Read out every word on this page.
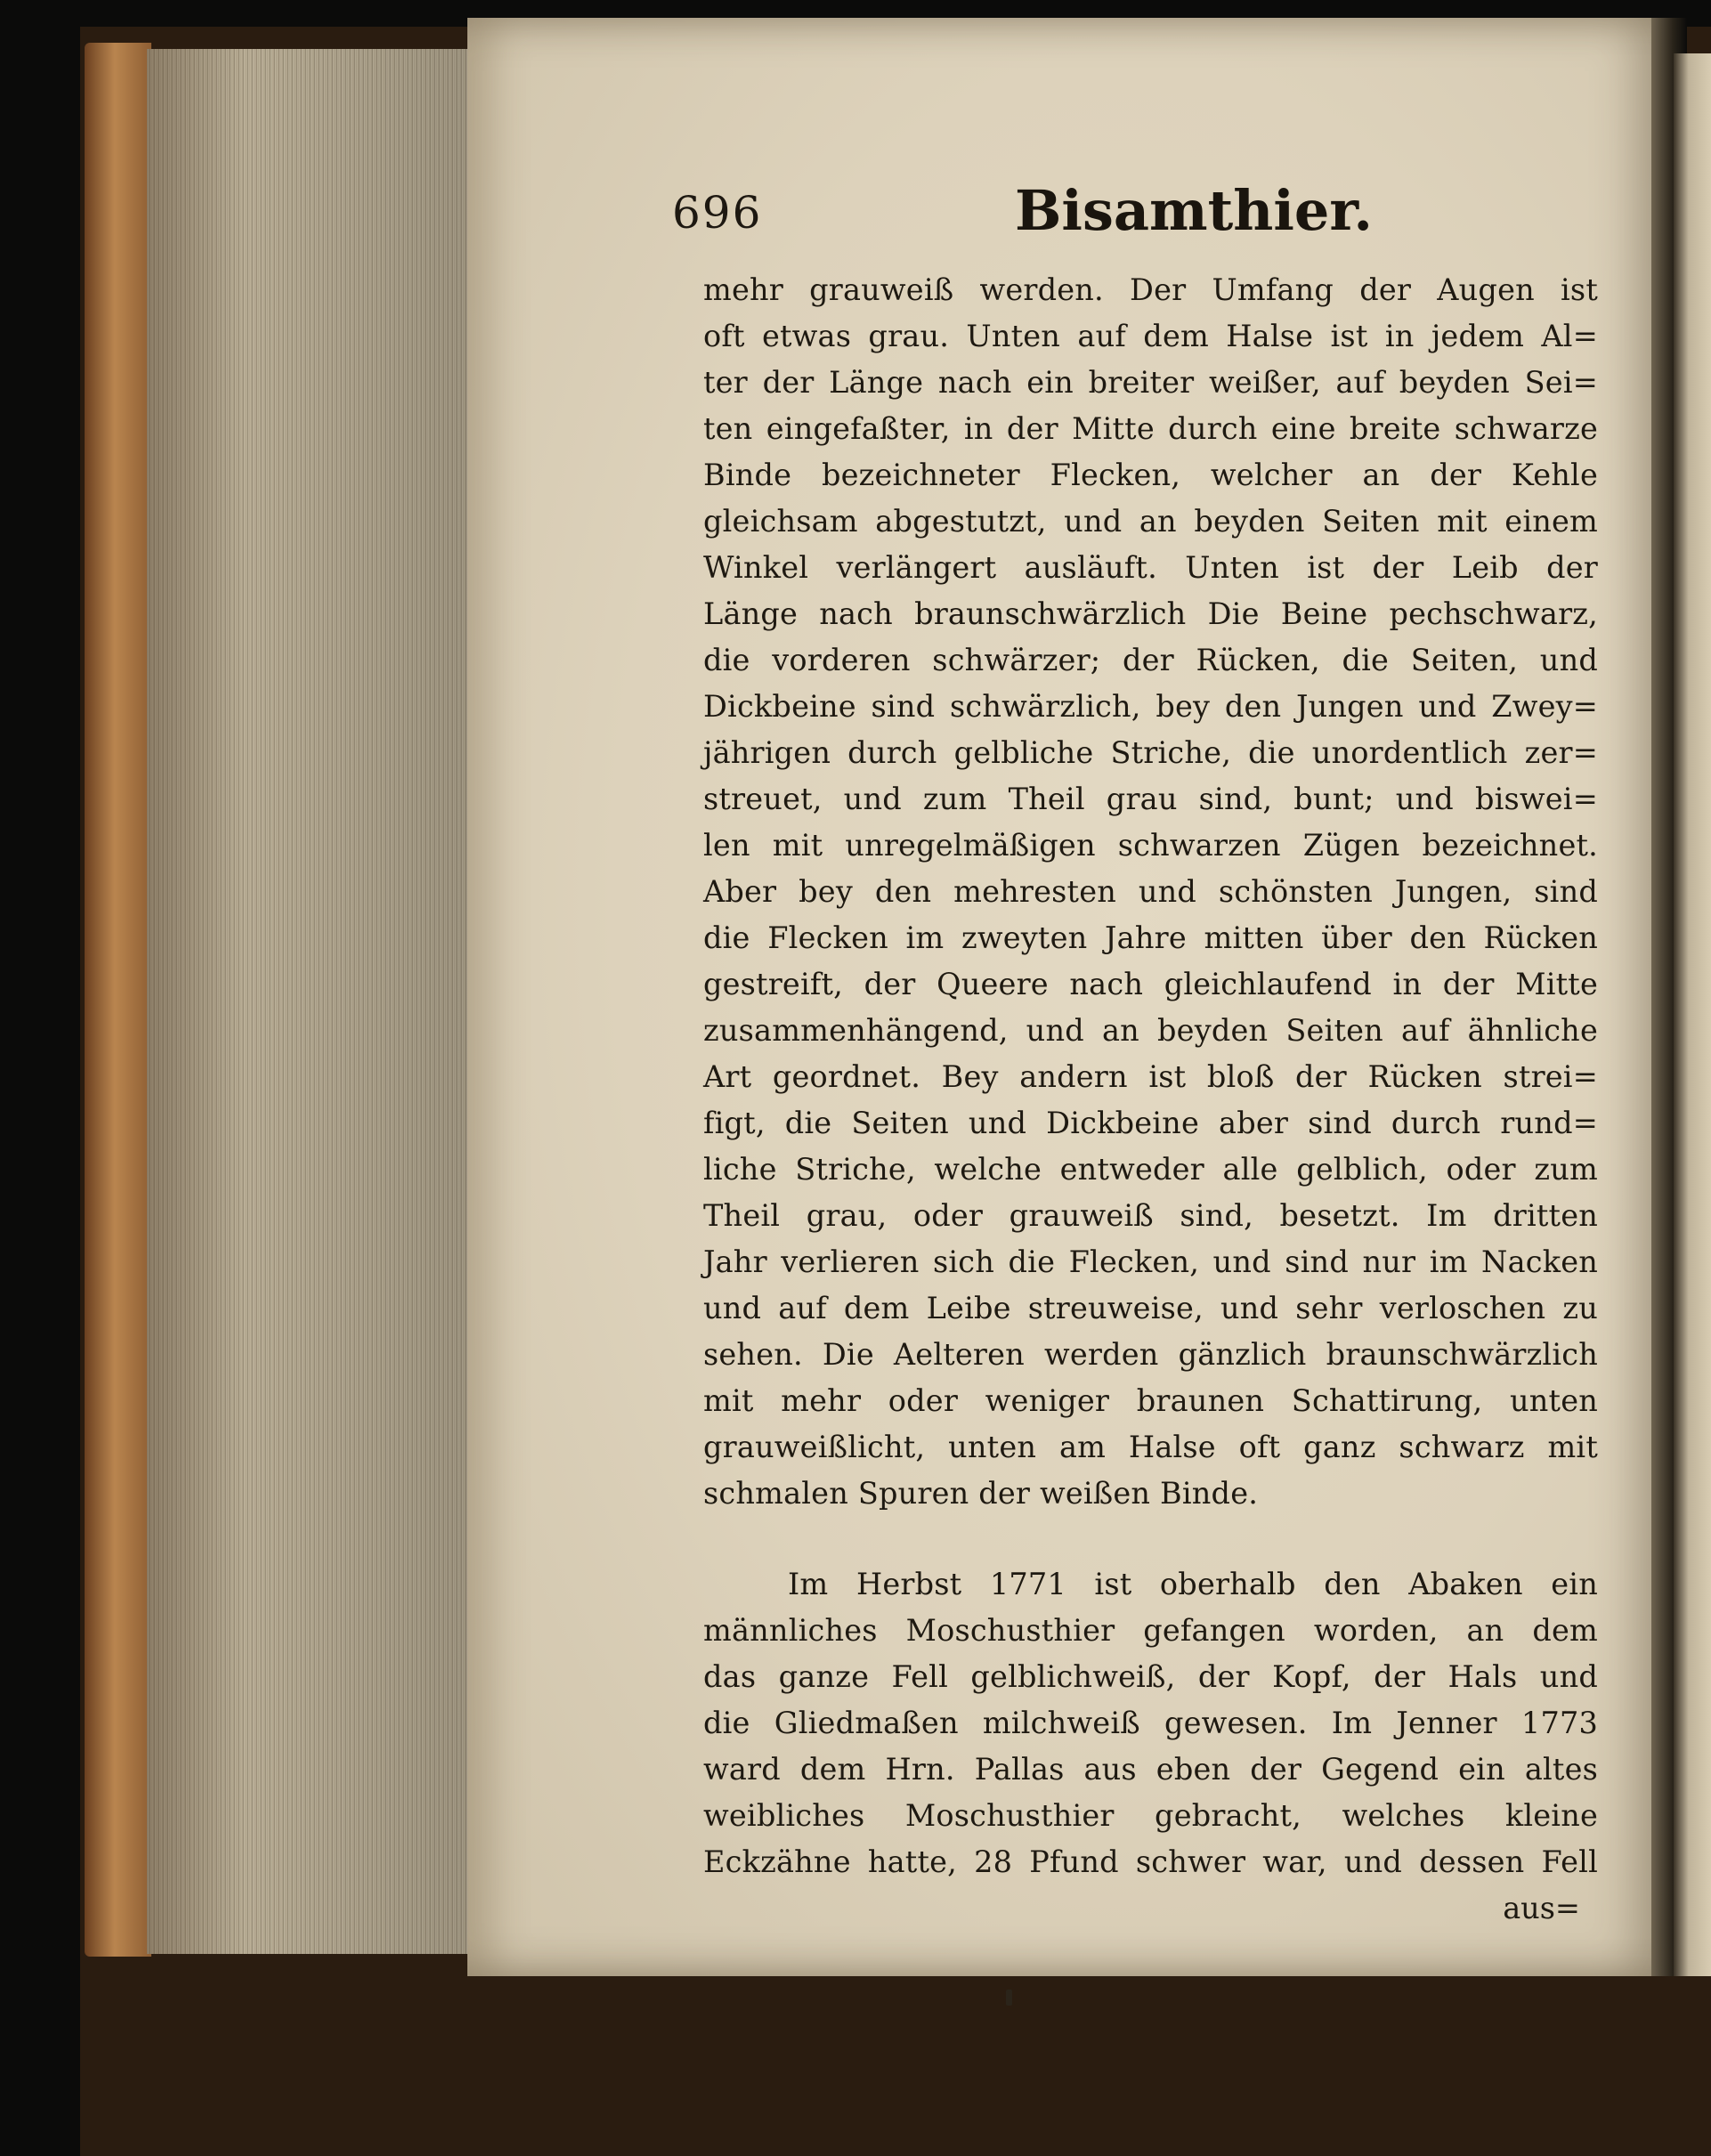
696	Bisamthier.
mehr grauweiß werden. Der Umfang der Augen ist
oft etwas grau. Unten auf dem Halse ist in jedem Al=
ter der Länge nach ein breiter weißer, auf beyden Sei=
ten eingefaßter, in der Mitte durch eine breite schwarze
Binde bezeichneter Flecken, welcher an der Kehle
gleichsam abgestutzt, und an beyden Seiten mit einem
Winkel verlängert ausläuft. Unten ist der Leib der
Länge nach braunschwärzlich Die Beine pechschwarz,
die vorderen schwärzer; der Rücken, die Seiten, und
Dickbeine sind schwärzlich, bey den Jungen und Zwey=
jährigen durch gelbliche Striche, die unordentlich zer=
streuet, und zum Theil grau sind, bunt; und biswei=
len mit unregelmäßigen schwarzen Zügen bezeichnet.
Aber bey den mehresten und schönsten Jungen, sind
die Flecken im zweyten Jahre mitten über den Rücken
gestreift, der Queere nach gleichlaufend in der Mitte
zusammenhängend, und an beyden Seiten auf ähnliche
Art geordnet. Bey andern ist bloß der Rücken strei=
figt, die Seiten und Dickbeine aber sind durch rund=
liche Striche, welche entweder alle gelblich, oder zum
Theil grau, oder grauweiß sind, besetzt. Im dritten
Jahr verlieren sich die Flecken, und sind nur im Nacken
und auf dem Leibe streuweise, und sehr verloschen zu
sehen. Die Aelteren werden gänzlich braunschwärzlich
mit mehr oder weniger braunen Schattirung, unten
grauweißlicht, unten am Halse oft ganz schwarz mit
schmalen Spuren der weißen Binde.
Im Herbst 1771 ist oberhalb den Abaken ein
männliches Moschusthier gefangen worden, an dem
das ganze Fell gelblichweiß, der Kopf, der Hals und
die Gliedmaßen milchweiß gewesen. Im Jenner 1773
ward dem Hrn. Pallas aus eben der Gegend ein altes
weibliches Moschusthier gebracht, welches kleine
Eckzähne hatte, 28 Pfund schwer war, und dessen Fell
aus=
